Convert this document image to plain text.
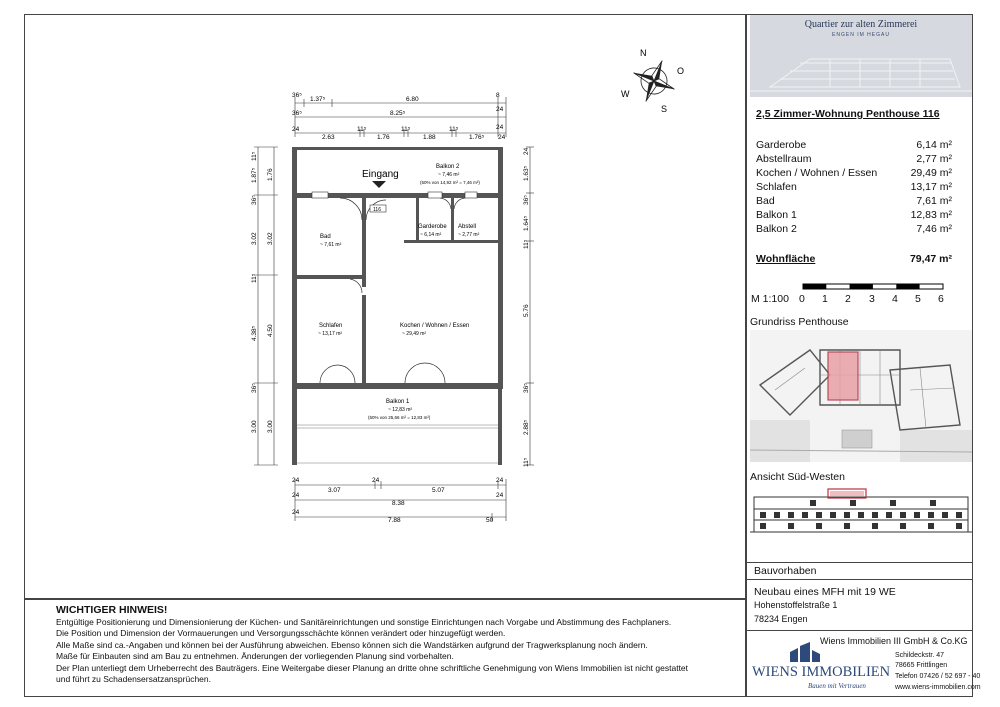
Quartier zur alten Zimmerei
ENGEN IM HEGAU
2,5 Zimmer-Wohnung Penthouse 116
Garderobe	6,14 m²
Abstellraum	2,77 m²
Kochen / Wohnen / Essen	29,49 m²
Schlafen	13,17 m²
Bad	7,61 m²
Balkon 1	12,83 m²
Balkon 2	7,46 m²
Wohnfläche	79,47 m²
M 1:100 0 1 2 3 4 5 6
Grundriss Penthouse
Ansicht Süd-Westen
Bauvorhaben
Neubau eines MFH mit 19 WE
Hohenstoffelstraße 1
78234 Engen
Wiens Immobilien III GmbH & Co.KG
WIENS IMMOBILIEN
Bauen mit Vertrauen
Schildeckstr. 47
78665 Frittlingen
Telefon 07426 / 52 697 - 40
www.wiens-immobilien.com
WICHTIGER HINWEIS!
Entgültige Positionierung und Dimensionierung der Küchen- und Sanitäreinrichtungen und sonstige Einrichtungen nach Vorgabe und Abstimmung des Fachplaners.
Die Position und Dimension der Vormauerungen und Versorgungsschächte können verändert oder hinzugefügt werden.
Alle Maße sind ca.-Angaben und können bei der Ausführung abweichen. Ebenso können sich die Wandstärken aufgrund der Tragwerksplanung noch ändern.
Maße für Einbauten sind am Bau zu entnehmen. Änderungen der vorliegenden Planung sind vorbehalten.
Der Plan unterliegt dem Urheberrecht des Bauträgers. Eine Weitergabe dieser Planung an dritte ohne schriftliche Genehmigung von Wiens Immobilien ist nicht gestattet
und führt zu Schadensersatzansprüchen.
N
O
S
W
Eingang
116
Balkon 2
~ 7,46 m²
(50% von 14,92 m² = 7,46 m²)
Bad
~ 7,61 m²
Garderobe
~ 6,14 m²
Abstell
~ 2,77 m²
Schlafen
~ 13,17 m²
Kochen / Wohnen / Essen
~ 29,49 m²
Balkon 1
~ 12,83 m²
(50% von 25,66 m² = 12,83 m²)
36⁵
1.37⁵	6.80
8
24
36⁵	8.25⁵
24
24
2.63
11⁵
1.76
11⁵
1.88
11⁵
1.76⁵ 24
11⁵
1.87⁵
36⁵
3.02
11⁵
4.38⁵
36⁵
3.00
1.76
3.02
4.50
3.00
24
1.63⁵
36⁵
1.64⁵
11⁵
5.76
36⁵
2.88⁵
11⁵
24
3.07
24
5.07
24
24
8.38
24
24
7.88	50
